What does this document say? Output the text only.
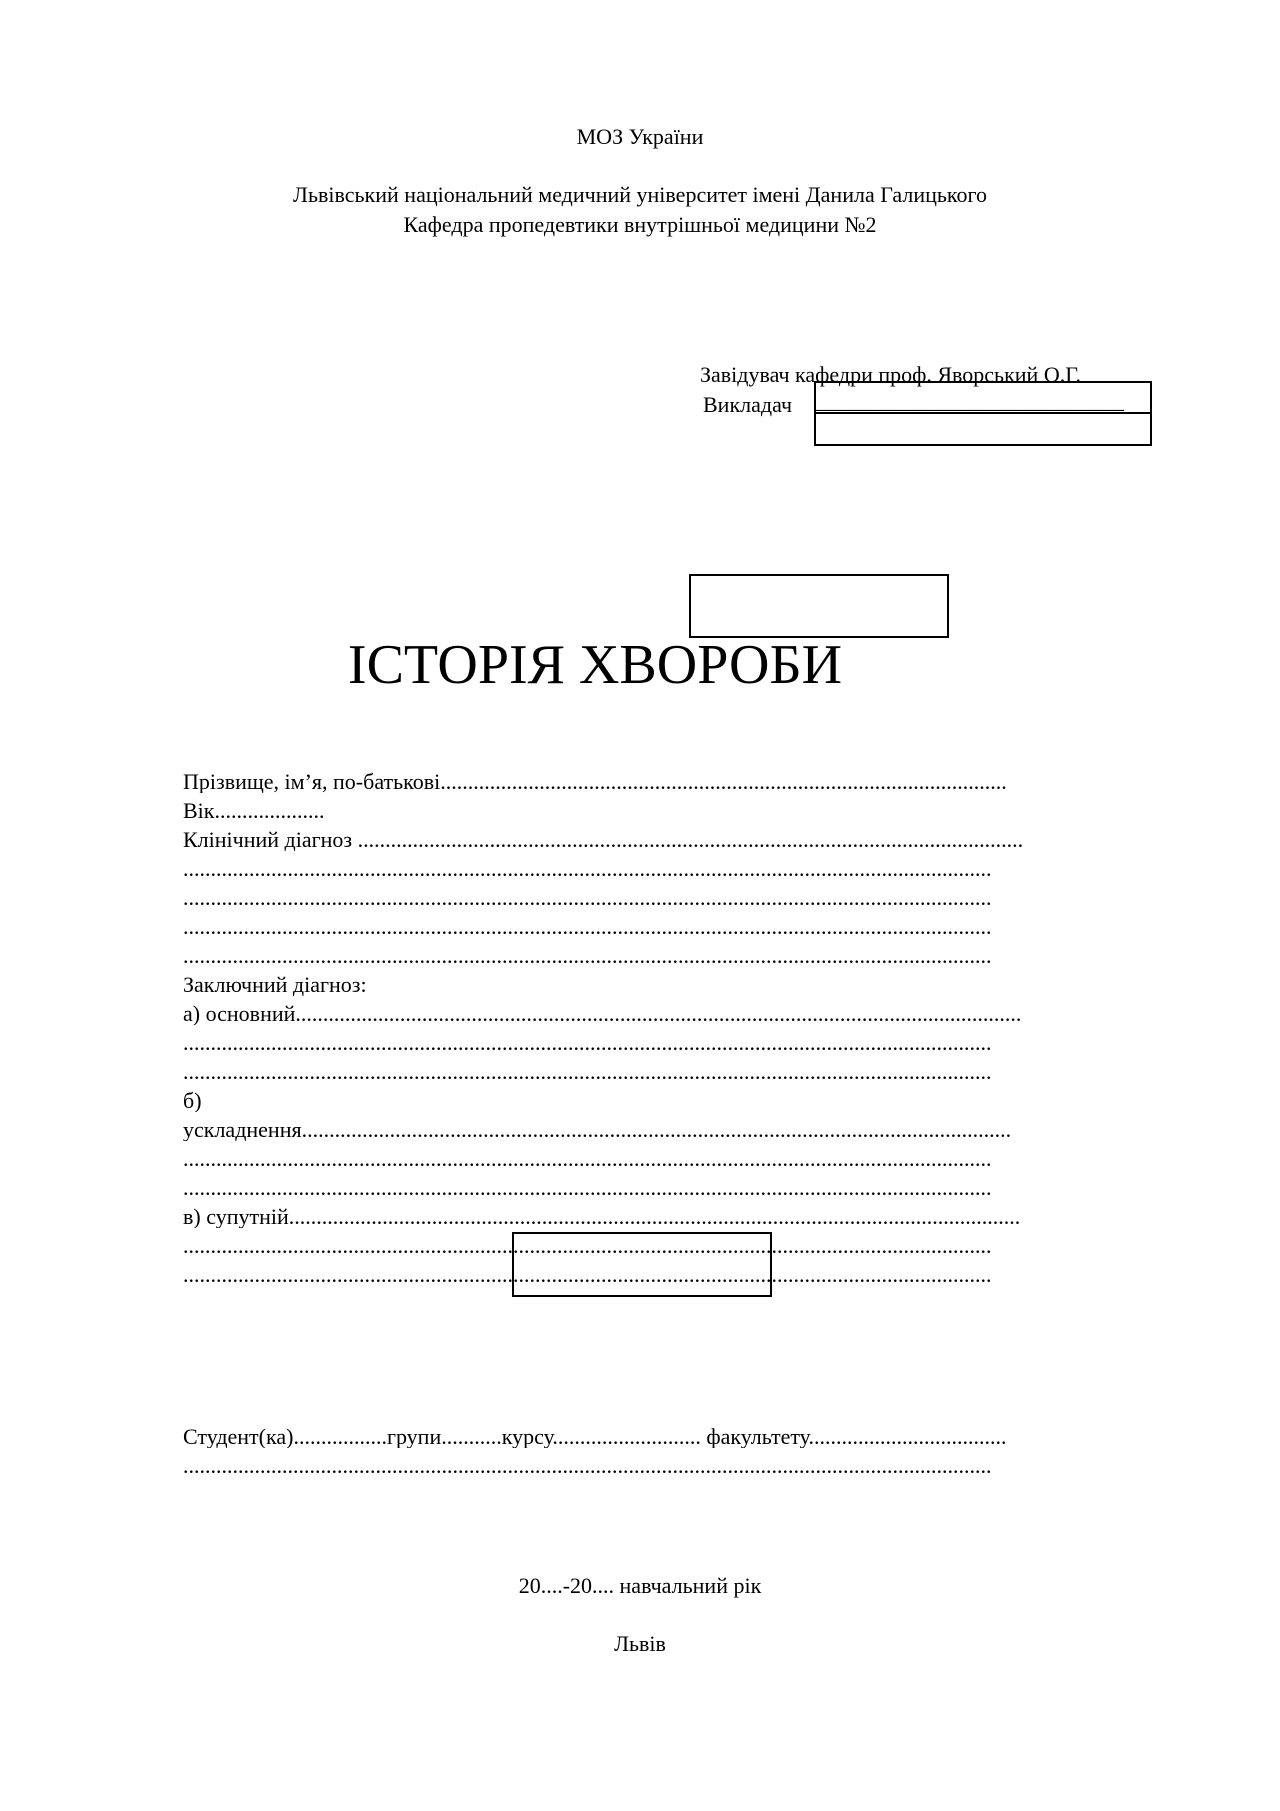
МОЗ України
Львівський національний медичний університет імені Данила Галицького
Кафедра пропедевтики внутрішньої медицини №2
Завідувач кафедри проф. Яворський О.Г.
Викладач ____________________________
ІСТОРІЯ ХВОРОБИ
Прізвище, ім’я, по-батькові.......................................................................................................
Вік....................
Клінічний діагноз .........................................................................................................................
...................................................................................................................................................
...................................................................................................................................................
...................................................................................................................................................
...................................................................................................................................................
Заключний діагноз:
а) основний....................................................................................................................................
...................................................................................................................................................
...................................................................................................................................................
б)
ускладнення.................................................................................................................................
...................................................................................................................................................
...................................................................................................................................................
в) супутній.....................................................................................................................................
...................................................................................................................................................
...................................................................................................................................................
Студент(ка).................групи...........курсу........................... факультету....................................
...................................................................................................................................................
20....-20.... навчальний рік
Львів
